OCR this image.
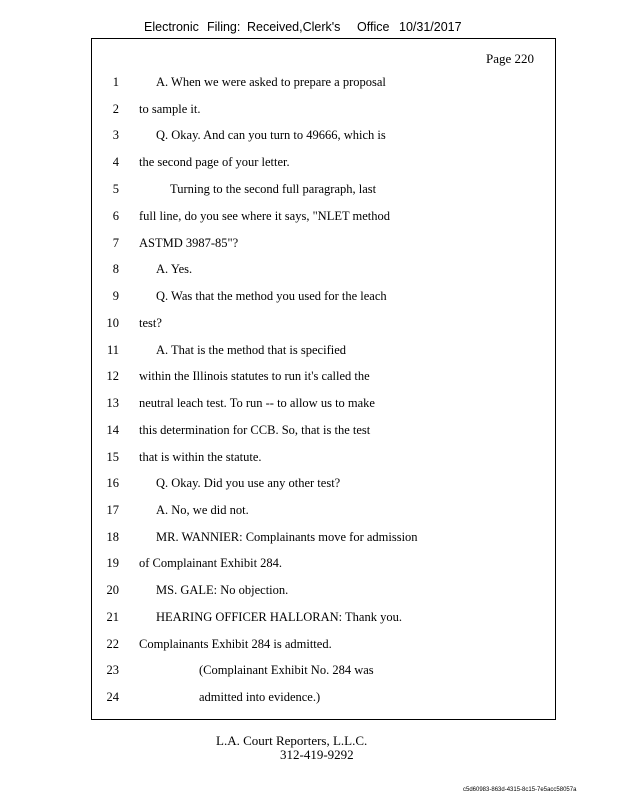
Electronic Filing: Received,Clerk's Office 10/31/2017
Page 220
1	A. When we were asked to prepare a proposal
2 to sample it.
3	Q. Okay. And can you turn to 49666, which is
4 the second page of your letter.
5	Turning to the second full paragraph, last
6 full line, do you see where it says, "NLET method
7 ASTMD 3987-85"?
8	A. Yes.
9	Q. Was that the method you used for the leach
10 test?
11	A. That is the method that is specified
12 within the Illinois statutes to run it's called the
13 neutral leach test. To run -- to allow us to make
14 this determination for CCB. So, that is the test
15 that is within the statute.
16	Q. Okay. Did you use any other test?
17	A. No, we did not.
18	MR. WANNIER: Complainants move for admission
19 of Complainant Exhibit 284.
20	MS. GALE: No objection.
21	HEARING OFFICER HALLORAN: Thank you.
22 Complainants Exhibit 284 is admitted.
23	(Complainant Exhibit No. 284 was
24	admitted into evidence.)
L.A. Court Reporters, L.L.C.
312-419-9292
c5d60983-863d-4315-8c15-7e5acc58057a
